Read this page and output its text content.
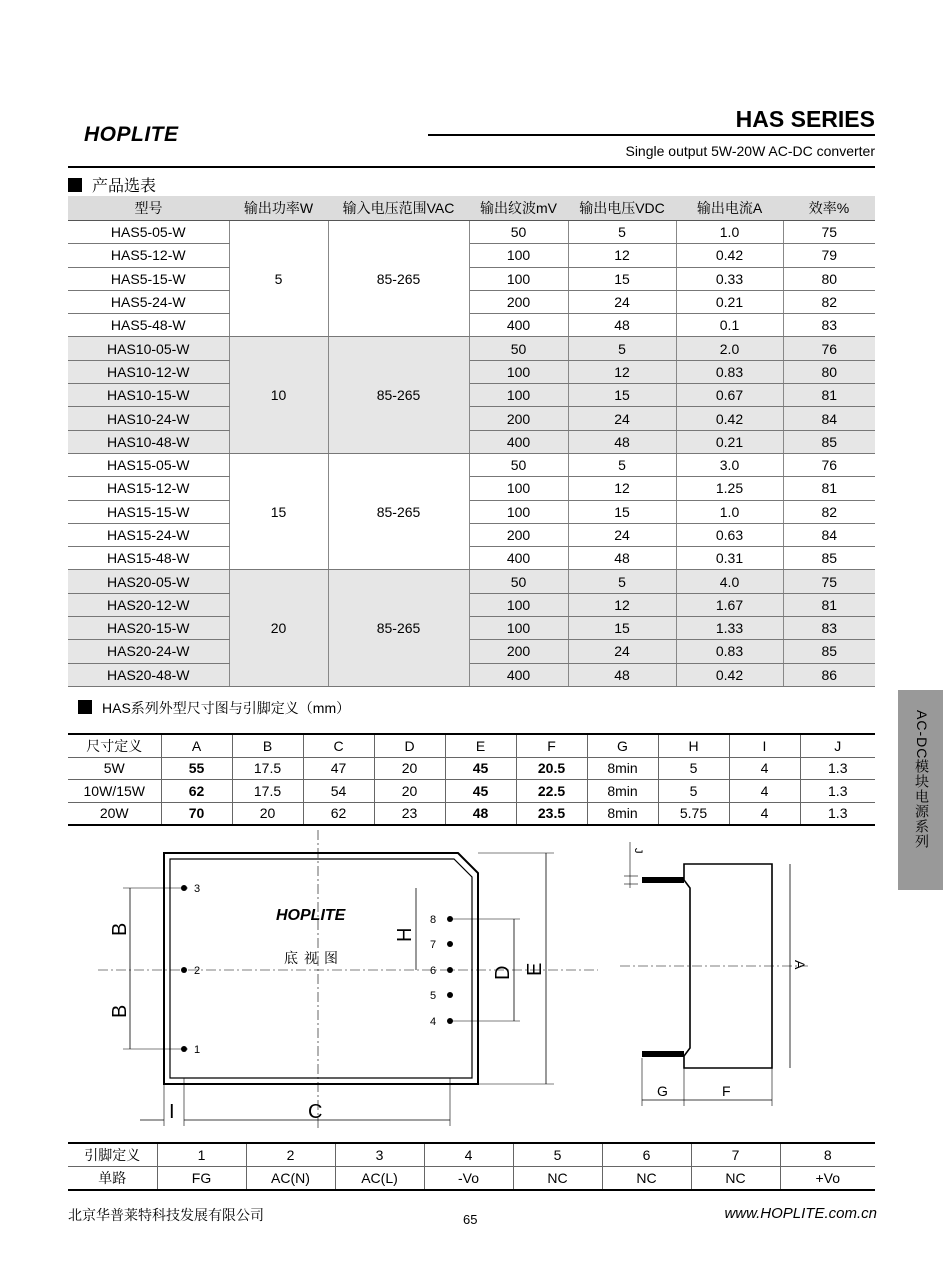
HOPLITE
HAS SERIES
Single output 5W-20W AC-DC converter
产品选表
型号	输出功率W	输入电压范围VAC	输出纹波mV	输出电压VDC	输出电流A	效率%
HAS5-05-W	5	85-265	50	5	1.0	75
HAS5-12-W			100	12	0.42	79
HAS5-15-W			100	15	0.33	80
HAS5-24-W			200	24	0.21	82
HAS5-48-W			400	48	0.1	83
HAS10-05-W	10	85-265	50	5	2.0	76
HAS10-12-W			100	12	0.83	80
HAS10-15-W			100	15	0.67	81
HAS10-24-W			200	24	0.42	84
HAS10-48-W			400	48	0.21	85
HAS15-05-W	15	85-265	50	5	3.0	76
HAS15-12-W			100	12	1.25	81
HAS15-15-W			100	15	1.0	82
HAS15-24-W			200	24	0.63	84
HAS15-48-W			400	48	0.31	85
HAS20-05-W	20	85-265	50	5	4.0	75
HAS20-12-W			100	12	1.67	81
HAS20-15-W			100	15	1.33	83
HAS20-24-W			200	24	0.83	85
HAS20-48-W			400	48	0.42	86
HAS系列外型尺寸图与引脚定义（mm）
尺寸定义	A	B	C	D	E	F	G	H	I	J
5W	55	17.5	47	20	45	20.5	8min	5	4	1.3
10W/15W	62	17.5	54	20	45	22.5	8min	5	4	1.3
20W	70	20	62	23	48	23.5	8min	5.75	4	1.3
3
2
1
8
7
6
5
4
HOPLITE
底视图
B
B
H
D E
C
I
A
J
G	F
引脚定义	1	2	3	4	5	6	7	8
单路	FG	AC(N)	AC(L)	-Vo	NC	NC	NC	+Vo
AC-DC模块电源系列
北京华普莱特科技发展有限公司	65	www.HOPLITE.com.cn
